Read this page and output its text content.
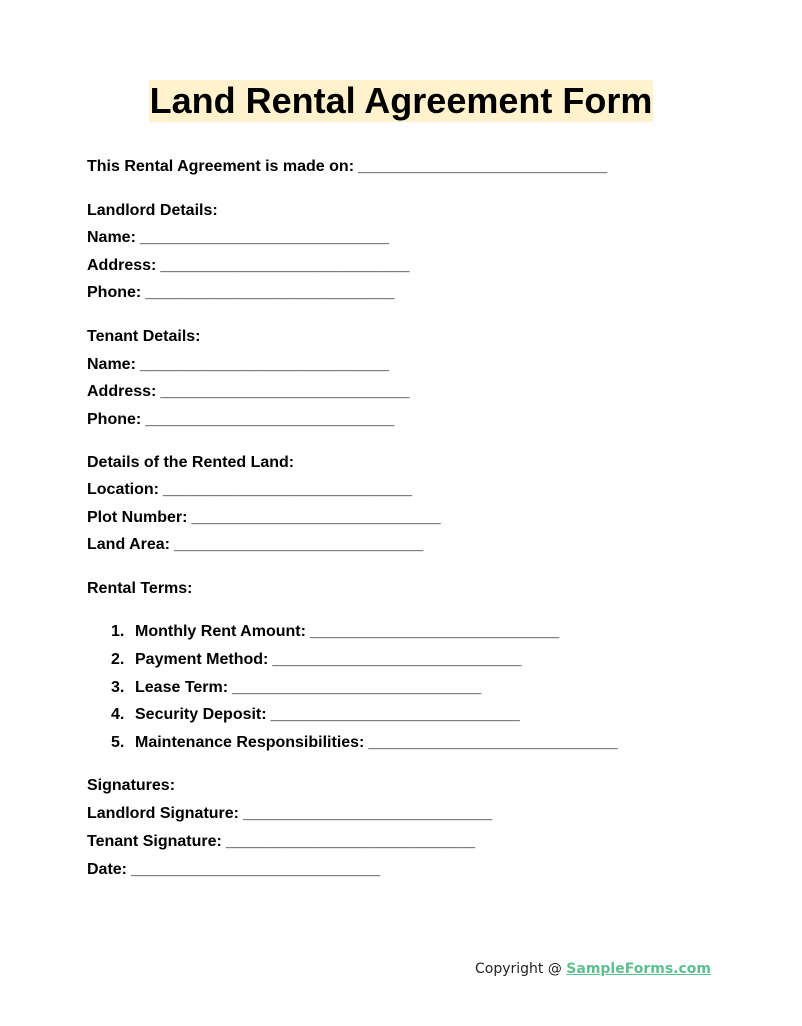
Land Rental Agreement Form
This Rental Agreement is made on: ____________________________
Landlord Details:
Name: ____________________________
Address: ____________________________
Phone: ____________________________
Tenant Details:
Name: ____________________________
Address: ____________________________
Phone: ____________________________
Details of the Rented Land:
Location: ____________________________
Plot Number: ____________________________
Land Area: ____________________________
Rental Terms:
1. Monthly Rent Amount: ____________________________
2. Payment Method: ____________________________
3. Lease Term: ____________________________
4. Security Deposit: ____________________________
5. Maintenance Responsibilities: ____________________________
Signatures:
Landlord Signature: ____________________________
Tenant Signature: ____________________________
Date: ____________________________
Copyright @ SampleForms.com
